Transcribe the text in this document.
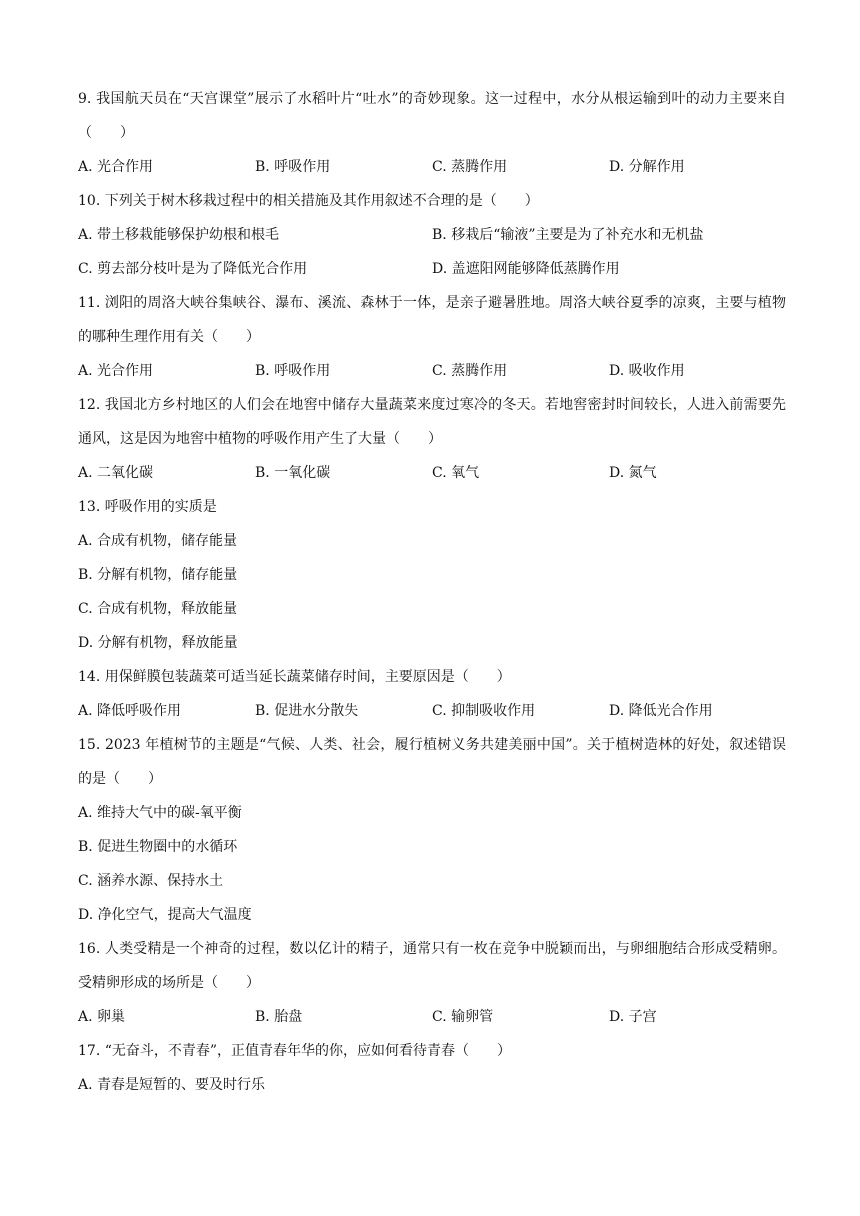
9. 我国航天员在“天宫课堂”展示了水稻叶片“吐水”的奇妙现象。这一过程中，水分从根运输到叶的动力主要来自（　　）

A. 光合作用	B. 呼吸作用	C. 蒸腾作用	D. 分解作用

10. 下列关于树木移栽过程中的相关措施及其作用叙述不合理的是（　　）

A. 带土移栽能够保护幼根和根毛	B. 移栽后“输液”主要是为了补充水和无机盐
C. 剪去部分枝叶是为了降低光合作用	D. 盖遮阳网能够降低蒸腾作用

11. 浏阳的周洛大峡谷集峡谷、瀑布、溪流、森林于一体，是亲子避暑胜地。周洛大峡谷夏季的凉爽，主要与植物的哪种生理作用有关（　　）

A. 光合作用	B. 呼吸作用	C. 蒸腾作用	D. 吸收作用

12. 我国北方乡村地区的人们会在地窖中储存大量蔬菜来度过寒冷的冬天。若地窖密封时间较长，人进入前需要先通风，这是因为地窖中植物的呼吸作用产生了大量（　　）

A. 二氧化碳	B. 一氧化碳	C. 氧气	D. 氮气

13. 呼吸作用的实质是

A. 合成有机物，储存能量

B. 分解有机物，储存能量

C. 合成有机物，释放能量

D. 分解有机物，释放能量

14. 用保鲜膜包装蔬菜可适当延长蔬菜储存时间，主要原因是（　　）

A. 降低呼吸作用	B. 促进水分散失	C. 抑制吸收作用	D. 降低光合作用

15. 2023 年植树节的主题是“气候、人类、社会，履行植树义务共建美丽中国”。关于植树造林的好处，叙述错误的是（　　）

A. 维持大气中的碳-氧平衡

B. 促进生物圈中的水循环

C. 涵养水源、保持水土

D. 净化空气，提高大气温度

16. 人类受精是一个神奇的过程，数以亿计的精子，通常只有一枚在竞争中脱颖而出，与卵细胞结合形成受精卵。受精卵形成的场所是（　　）

A. 卵巢	B. 胎盘	C. 输卵管	D. 子宫

17. “无奋斗，不青春”，正值青春年华的你，应如何看待青春（　　）

A. 青春是短暂的、要及时行乐
